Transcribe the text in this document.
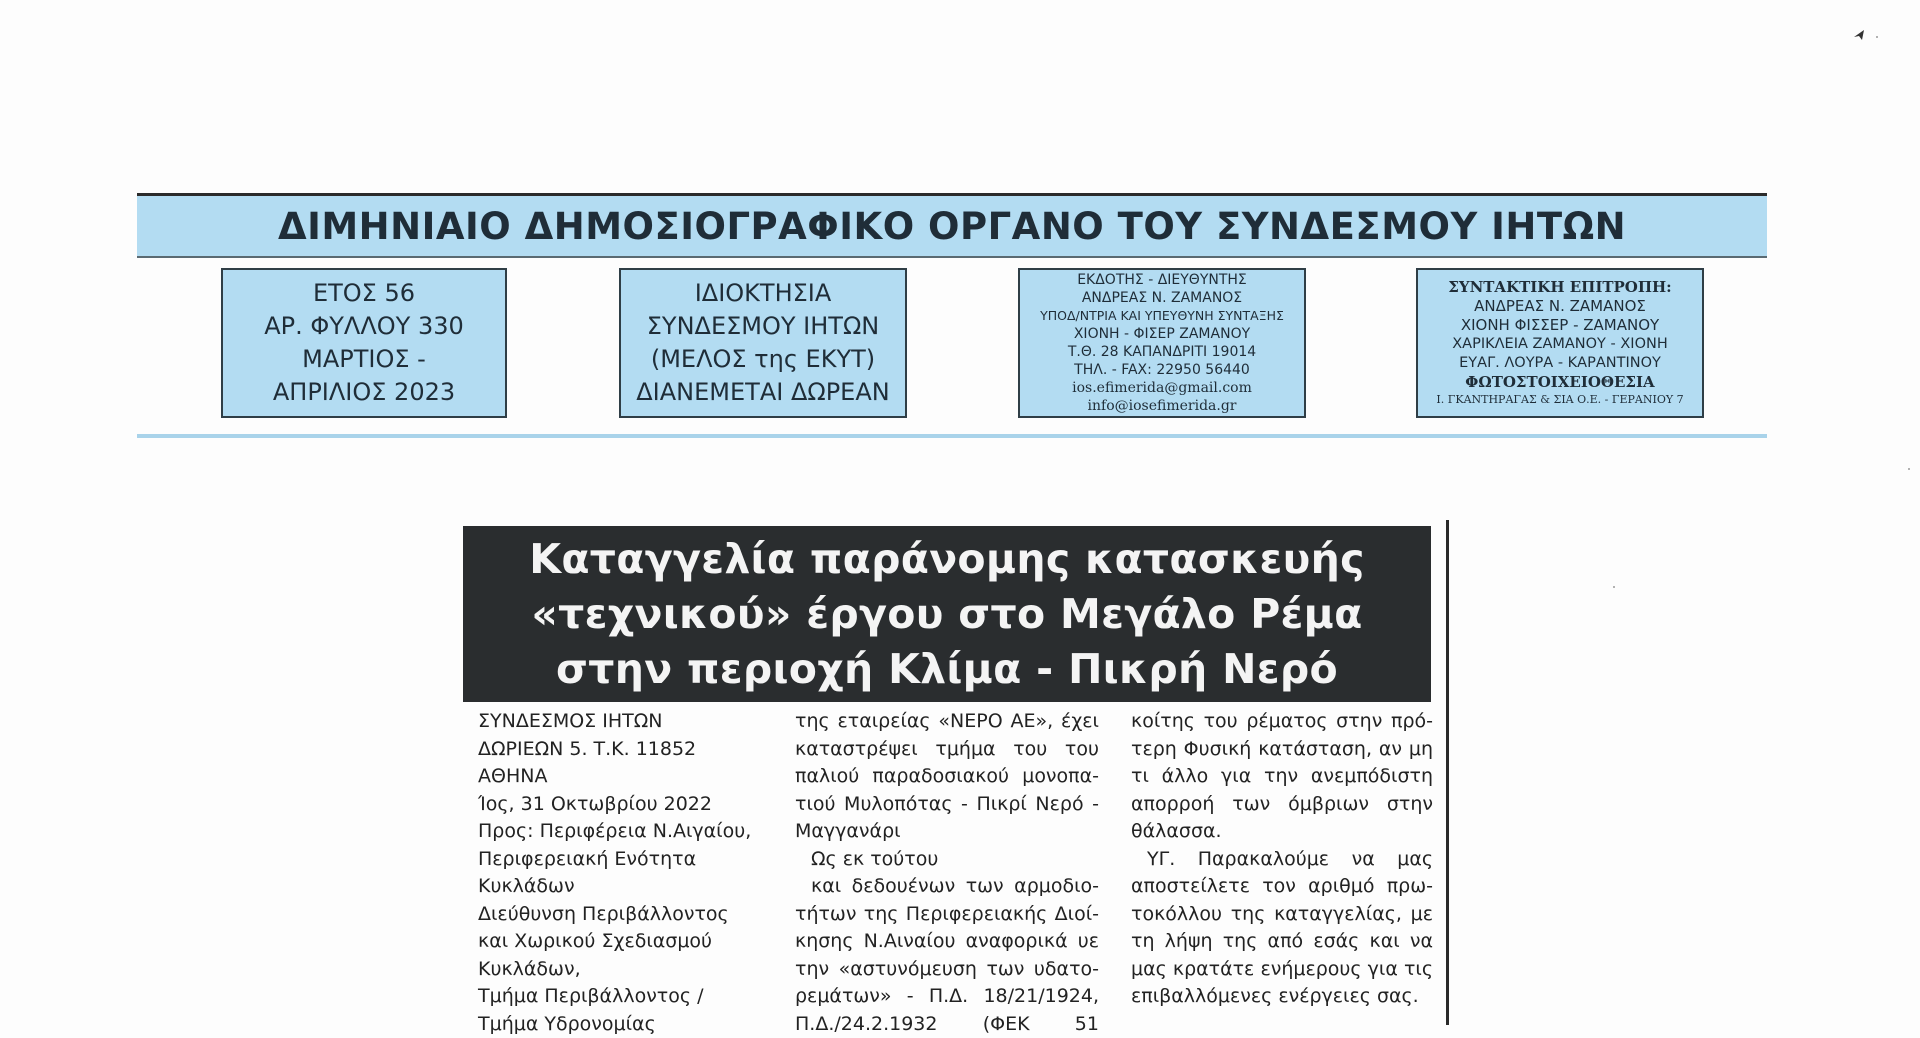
ΔΙΜΗΝΙΑΙΟ ΔΗΜΟΣΙΟΓΡΑΦΙΚΟ ΟΡΓΑΝΟ ΤΟΥ ΣΥΝΔΕΣΜΟΥ ΙΗΤΩΝ
ΕΤΟΣ 56
ΑΡ. ΦΥΛΛΟΥ 330
ΜΑΡΤΙΟΣ -
ΑΠΡΙΛΙΟΣ 2023
ΙΔΙΟΚΤΗΣΙΑ
ΣΥΝΔΕΣΜΟΥ ΙΗΤΩΝ
(ΜΕΛΟΣ της ΕΚΥΤ)
ΔΙΑΝΕΜΕΤΑΙ ΔΩΡΕΑΝ
ΕΚΔΟΤΗΣ - ΔΙΕΥΘΥΝΤΗΣ
ΑΝΔΡΕΑΣ Ν. ΖΑΜΑΝΟΣ
ΥΠΟΔ/ΝΤΡΙΑ ΚΑΙ ΥΠΕΥΘΥΝΗ ΣΥΝΤΑΞΗΣ
ΧΙΟΝΗ - ΦΙΣΕΡ ΖΑΜΑΝΟΥ
Τ.Θ. 28 ΚΑΠΑΝΔΡΙΤΙ 19014
ΤΗΛ. - FAX: 22950 56440
ios.efimerida@gmail.com
info@iosefimerida.gr
ΣΥΝΤΑΚΤΙΚΗ ΕΠΙΤΡΟΠΗ:
ΑΝΔΡΕΑΣ Ν. ΖΑΜΑΝΟΣ
ΧΙΟΝΗ ΦΙΣΣΕΡ - ΖΑΜΑΝΟΥ
ΧΑΡΙΚΛΕΙΑ ΖΑΜΑΝΟΥ - ΧΙΟΝΗ
ΕΥΑΓ. ΛΟΥΡΑ - ΚΑΡΑΝΤΙΝΟΥ
ΦΩΤΟΣΤΟΙΧΕΙΟΘΕΣΙΑ
Ι. ΓΚΑΝΤΗΡΑΓΑΣ & ΣΙΑ Ο.Ε. - ΓΕΡΑΝΙΟΥ 7
Καταγγελία παράνομης κατασκευής
«τεχνικού» έργου στο Μεγάλο Ρέμα
στην περιοχή Κλίμα - Πικρή Νερό
ΣΥΝΔΕΣΜΟΣ ΙΗΤΩΝ
ΔΩΡΙΕΩΝ 5. Τ.Κ. 11852
ΑΘΗΝΑ
Ίος, 31 Οκτωβρίου 2022
Προς: Περιφέρεια Ν.Αιγαίου,
Περιφερειακή Ενότητα
Κυκλάδων
Διεύθυνση Περιβάλλοντος
και Χωρικού Σχεδιασμού
Κυκλάδων,
Τμήμα Περιβάλλοντος /
Τμήμα Υδρονομίας
της εταιρείας «ΝΕΡΟ ΑΕ», έχει
καταστρέψει τμήμα του του
παλιού παραδοσιακού μονοπα-
τιού Μυλοπότας - Πικρί Νερό -
Μαγγανάρι
Ως εκ τούτου
και δεδουένων των αρμοδιο-
τήτων της Περιφερειακής Διοί-
κησης Ν.Αιναίου αναφορικά υε
την «αστυνόμευση των υδατο-
ρεμάτων» - Π.Δ. 18/21/1924,
Π.Δ./24.2.1932 (ΦΕΚ 51
κοίτης του ρέματος στην πρό-
τερη Φυσική κατάσταση, αν μη
τι άλλο για την ανεμπόδιστη
απορροή των όμβριων στην
θάλασσα.
ΥΓ. Παρακαλούμε να μας
αποστείλετε τον αριθμό πρω-
τοκόλλου της καταγγελίας, με
τη λήψη της από εσάς και να
μας κρατάτε ενήμερους για τις
επιβαλλόμενες ενέργειες σας.
